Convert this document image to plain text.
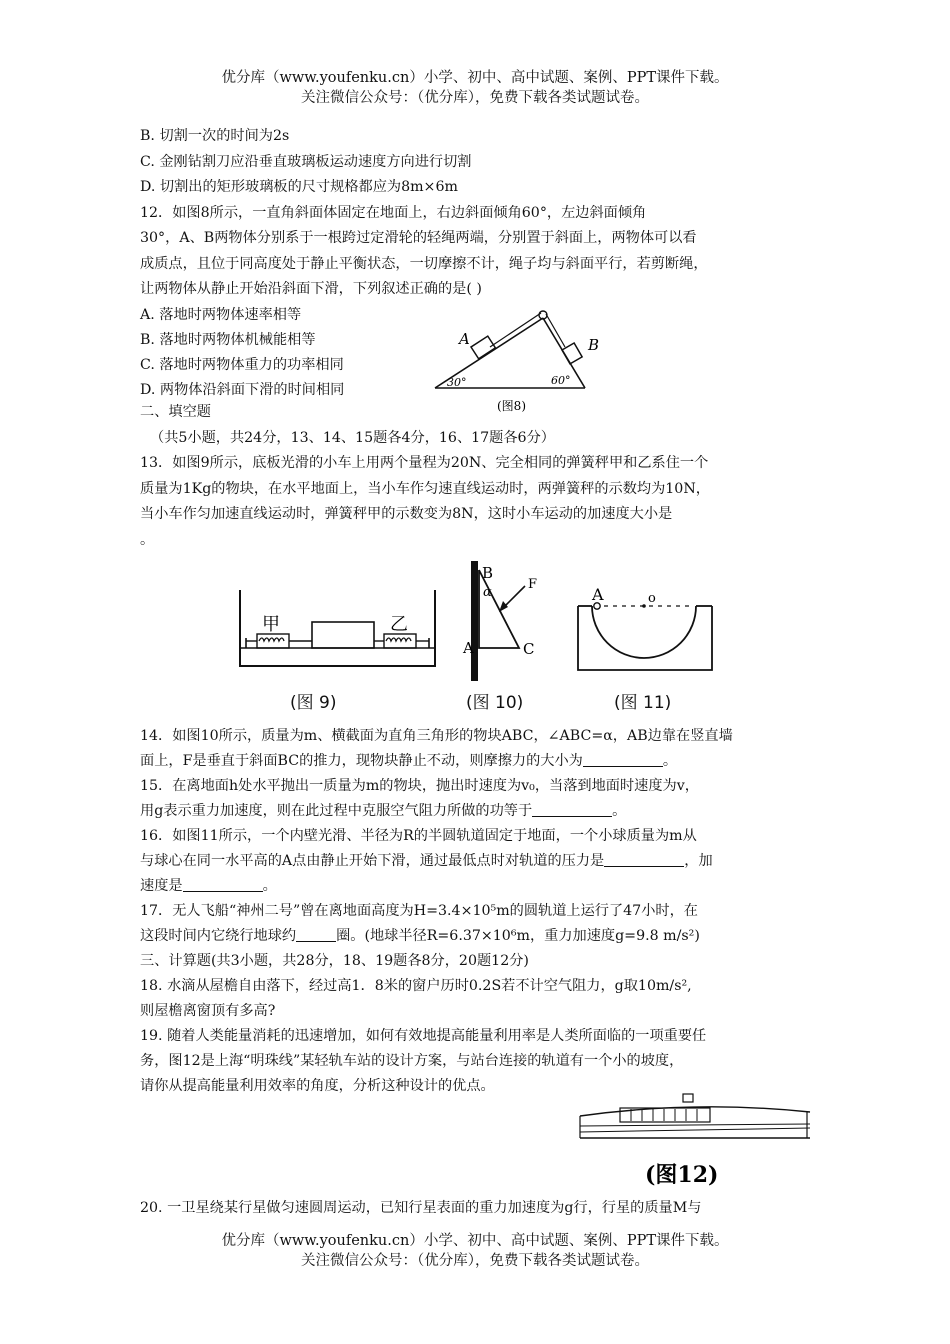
优分库（www.youfenku.cn）小学、初中、高中试题、案例、PPT课件下载。
关注微信公众号：（优分库），免费下载各类试题试卷。
B. 切割一次的时间为2s
C. 金刚钻割刀应沿垂直玻璃板运动速度方向进行切割
D. 切割出的矩形玻璃板的尺寸规格都应为8m×6m
12．如图8所示，一直角斜面体固定在地面上，右边斜面倾角60°，左边斜面倾角
30°，A、B两物体分别系于一根跨过定滑轮的轻绳两端，分别置于斜面上，两物体可以看
成质点，且位于同高度处于静止平衡状态，一切摩擦不计，绳子均与斜面平行，若剪断绳，
让两物体从静止开始沿斜面下滑，下列叙述正确的是( )
A. 落地时两物体速率相等
B. 落地时两物体机械能相等
C. 落地时两物体重力的功率相同
D. 两物体沿斜面下滑的时间相同
A	B
30°	60°
(图8)
二、填空题
（共5小题，共24分，13、14、15题各4分，16、17题各6分）
13．如图9所示，底板光滑的小车上用两个量程为20N、完全相同的弹簧秤甲和乙系住一个
质量为1Kg的物块，在水平地面上，当小车作匀速直线运动时，两弹簧秤的示数均为10N，
当小车作匀加速直线运动时，弹簧秤甲的示数变为8N，这时小车运动的加速度大小是
。
甲	乙
(图 9)
B
A	C
F
α
(图 10)
A	o
(图 11)
14．如图10所示，质量为m、横截面为直角三角形的物块ABC，∠ABC=α，AB边靠在竖直墙
面上，F是垂直于斜面BC的推力，现物块静止不动，则摩擦力的大小为	。
15．在离地面h处水平抛出一质量为m的物块，抛出时速度为v₀，当落到地面时速度为v，
用g表示重力加速度，则在此过程中克服空气阻力所做的功等于	。
16．如图11所示，一个内壁光滑、半径为R的半圆轨道固定于地面，一个小球质量为m从
与球心在同一水平高的A点由静止开始下滑，通过最低点时对轨道的压力是	，加
速度是	。
17．无人飞船“神州二号”曾在离地面高度为H=3.4×10⁵m的圆轨道上运行了47小时，在
这段时间内它绕行地球约	圈。(地球半径R=6.37×10⁶m，重力加速度g=9.8 m/s²)
三、计算题(共3小题，共28分，18、19题各8分，20题12分)
18. 水滴从屋檐自由落下，经过高1．8米的窗户历时0.2S若不计空气阻力，g取10m/s²,
则屋檐离窗顶有多高?
19. 随着人类能量消耗的迅速增加，如何有效地提高能量利用率是人类所面临的一项重要任
务，图12是上海“明珠线”某轻轨车站的设计方案，与站台连接的轨道有一个小的坡度，
请你从提高能量利用效率的角度，分析这种设计的优点。
(图12)
20. 一卫星绕某行星做匀速圆周运动，已知行星表面的重力加速度为g行，行星的质量M与
优分库（www.youfenku.cn）小学、初中、高中试题、案例、PPT课件下载。
关注微信公众号：（优分库），免费下载各类试题试卷。
